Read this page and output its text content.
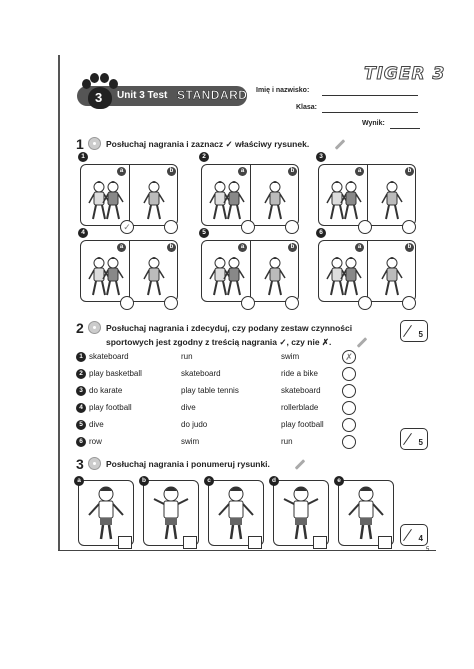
TIGER 3
Unit 3 Test STANDARD
3	Imię i nazwisko:
Klasa:
Wynik:
1	Posłuchaj nagrania i zaznacz ✓ właściwy rysunek.
1
a	b
✓
2
a	b
3
a	b
4
a	b
5
a	b
6
a	b
2	Posłuchaj nagrania i zdecyduj, czy podany zestaw czynności
sportowych jest zgodny z treścią nagrania ✓, czy nie ✗.
5
1 skateboard	run	swim	✗
2 play basketball	skateboard	ride a bike
3 do karate	play table tennis	skateboard
4 play football	dive	rollerblade
5 dive	do judo	play football
6 row	swim	run	5
3	Posłuchaj nagrania i ponumeruj rysunki.
a	b	c	d	e
4
5
